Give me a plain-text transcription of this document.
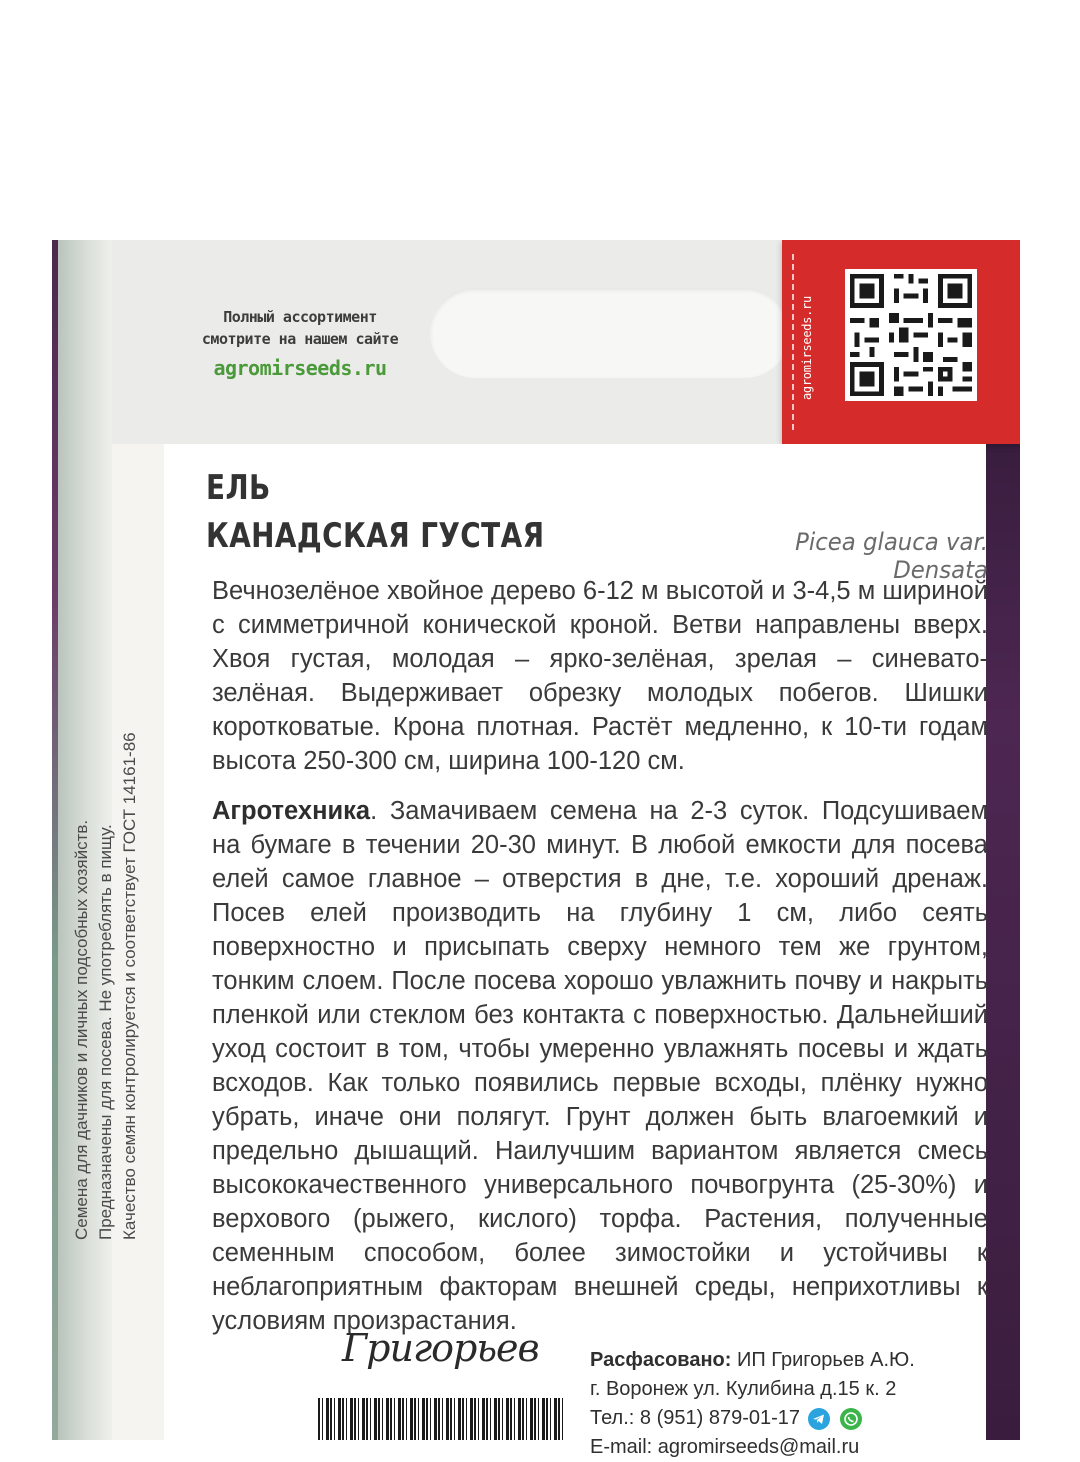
Полный ассортимент
смотрите на нашем сайте
agromirseeds.ru	agromirseeds.ru
Семена для дачников и личных подсобных хозяйств. Предназначены для посева. Не употреблять в пищу. Качество семян контролируется и соответствует ГОСТ 14161-86
ЕЛЬ
КАНАДСКАЯ ГУСТАЯ	Picea glauca var. Densata
Вечнозелёное хвойное дерево 6-12 м высотой и 3-4,5 м шириной с симметричной конической кроной. Ветви направлены вверх. Хвоя густая, молодая – ярко-зелёная, зрелая – синевато-зелёная. Выдерживает обрезку молодых побегов. Шишки коротковатые. Крона плотная. Растёт медленно, к 10-ти годам высота 250-300 см, ширина 100-120 см.
Агротехника. Замачиваем семена на 2-3 суток. Подсушиваем на бумаге в течении 20-30 минут. В любой емкости для посева елей самое главное – отверстия в дне, т.е. хороший дренаж. Посев елей производить на глубину 1 см, либо сеять поверхностно и присыпать сверху немного тем же грунтом, тонким слоем. После посева хорошо увлажнить почву и накрыть пленкой или стеклом без контакта с поверхностью. Дальнейший уход состоит в том, чтобы умеренно увлажнять посевы и ждать всходов. Как только появились первые всходы, плёнку нужно убрать, иначе они полягут. Грунт должен быть влагоемкий и предельно дышащий. Наилучшим вариантом является смесь высококачественного универсального почвогрунта (25-30%) и верхового (рыжего, кислого) торфа. Растения, полученные семенным способом, более зимостойки и устойчивы к неблагоприятным факторам внешней среды, неприхотливы к условиям произрастания.
Григорьев	Расфасовано: ИП Григорьев А.Ю.
г. Воронеж ул. Кулибина д.15 к. 2
Тел.: 8 (951) 879-01-17

E-mail: agromirseeds@mail.ru
